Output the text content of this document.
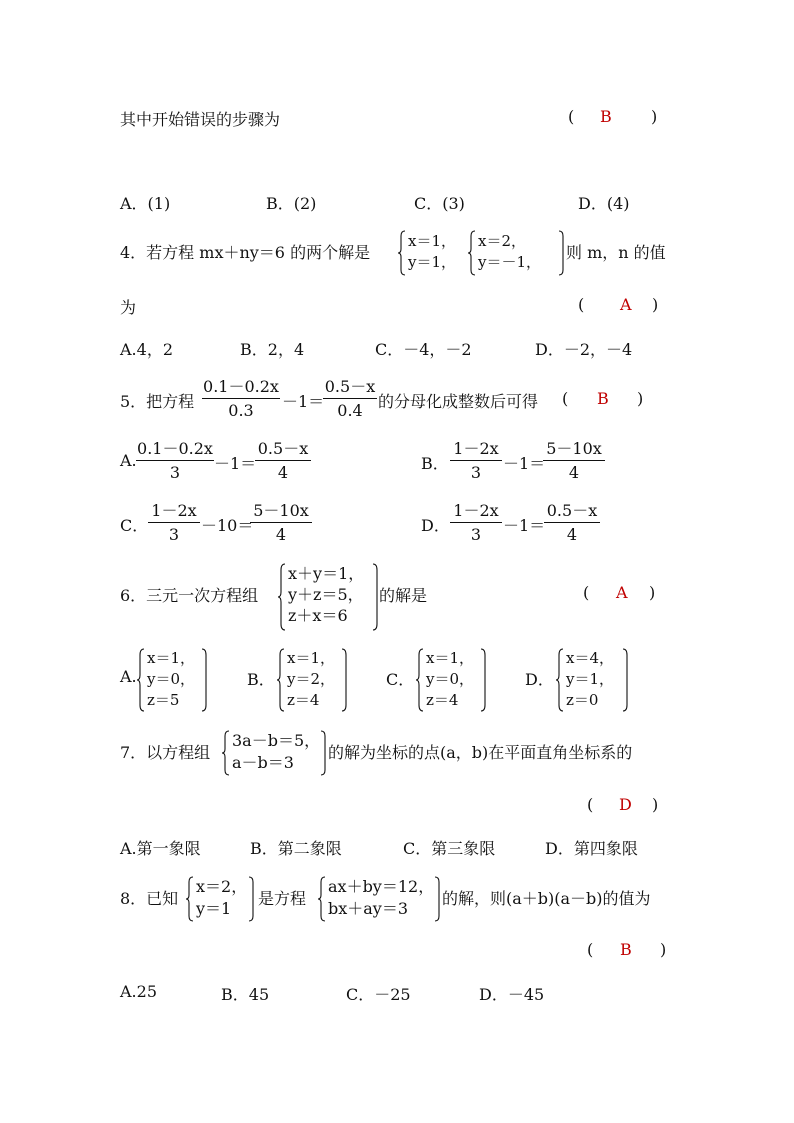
其中开始错误的步骤为	( B )
A．(1)	B．(2)	C．(3)	D．(4)
4．若方程 mx＋ny＝6 的两个解是
x＝1，
y＝1，
x＝2，
y＝－1， 则 m，n 的值
为	( A )
A.4，2	B．2，4	C．－4，－2	D．－2，－4
5．把方程 $\frac{0.1-0.2x}{0.3} -1=$
$\frac{0.5-x}{0.4}$ 的分母化成整数后可得 ( B )
A. $\frac{0.1-0.2x}{3} -1=$
$\frac{0.5-x}{4}$	B． $\frac{1-2x}{3} -1=$
$\frac{5-10x}{4}$
C． $\frac{1-2x}{3} -10=$
$\frac{5-10x}{4}$	D． $\frac{1-2x}{3} -1=$
$\frac{0.5-x}{4}$
6．三元一次方程组
x＋y＝1，
y＋z＝5，
z＋x＝6
的解是	( A )
A.
x＝1，
y＝0，
z＝5
B．
x＝1，
y＝2，
z＝4
C．
x＝1，
y＝0，
z＝4
D．
x＝4，
y＝1，
z＝0
7．以方程组
3a－b＝5，
a－b＝3
的解为坐标的点(a，b)在平面直角坐标系的
( D )
A.第一象限	B．第二象限	C．第三象限	D．第四象限
8．已知
x＝2，
y＝1
是方程
ax＋by＝12，
bx＋ay＝3
的解，则(a＋b)(a－b)的值为
( B )
A.25	B．45	C．－25	D．－45
